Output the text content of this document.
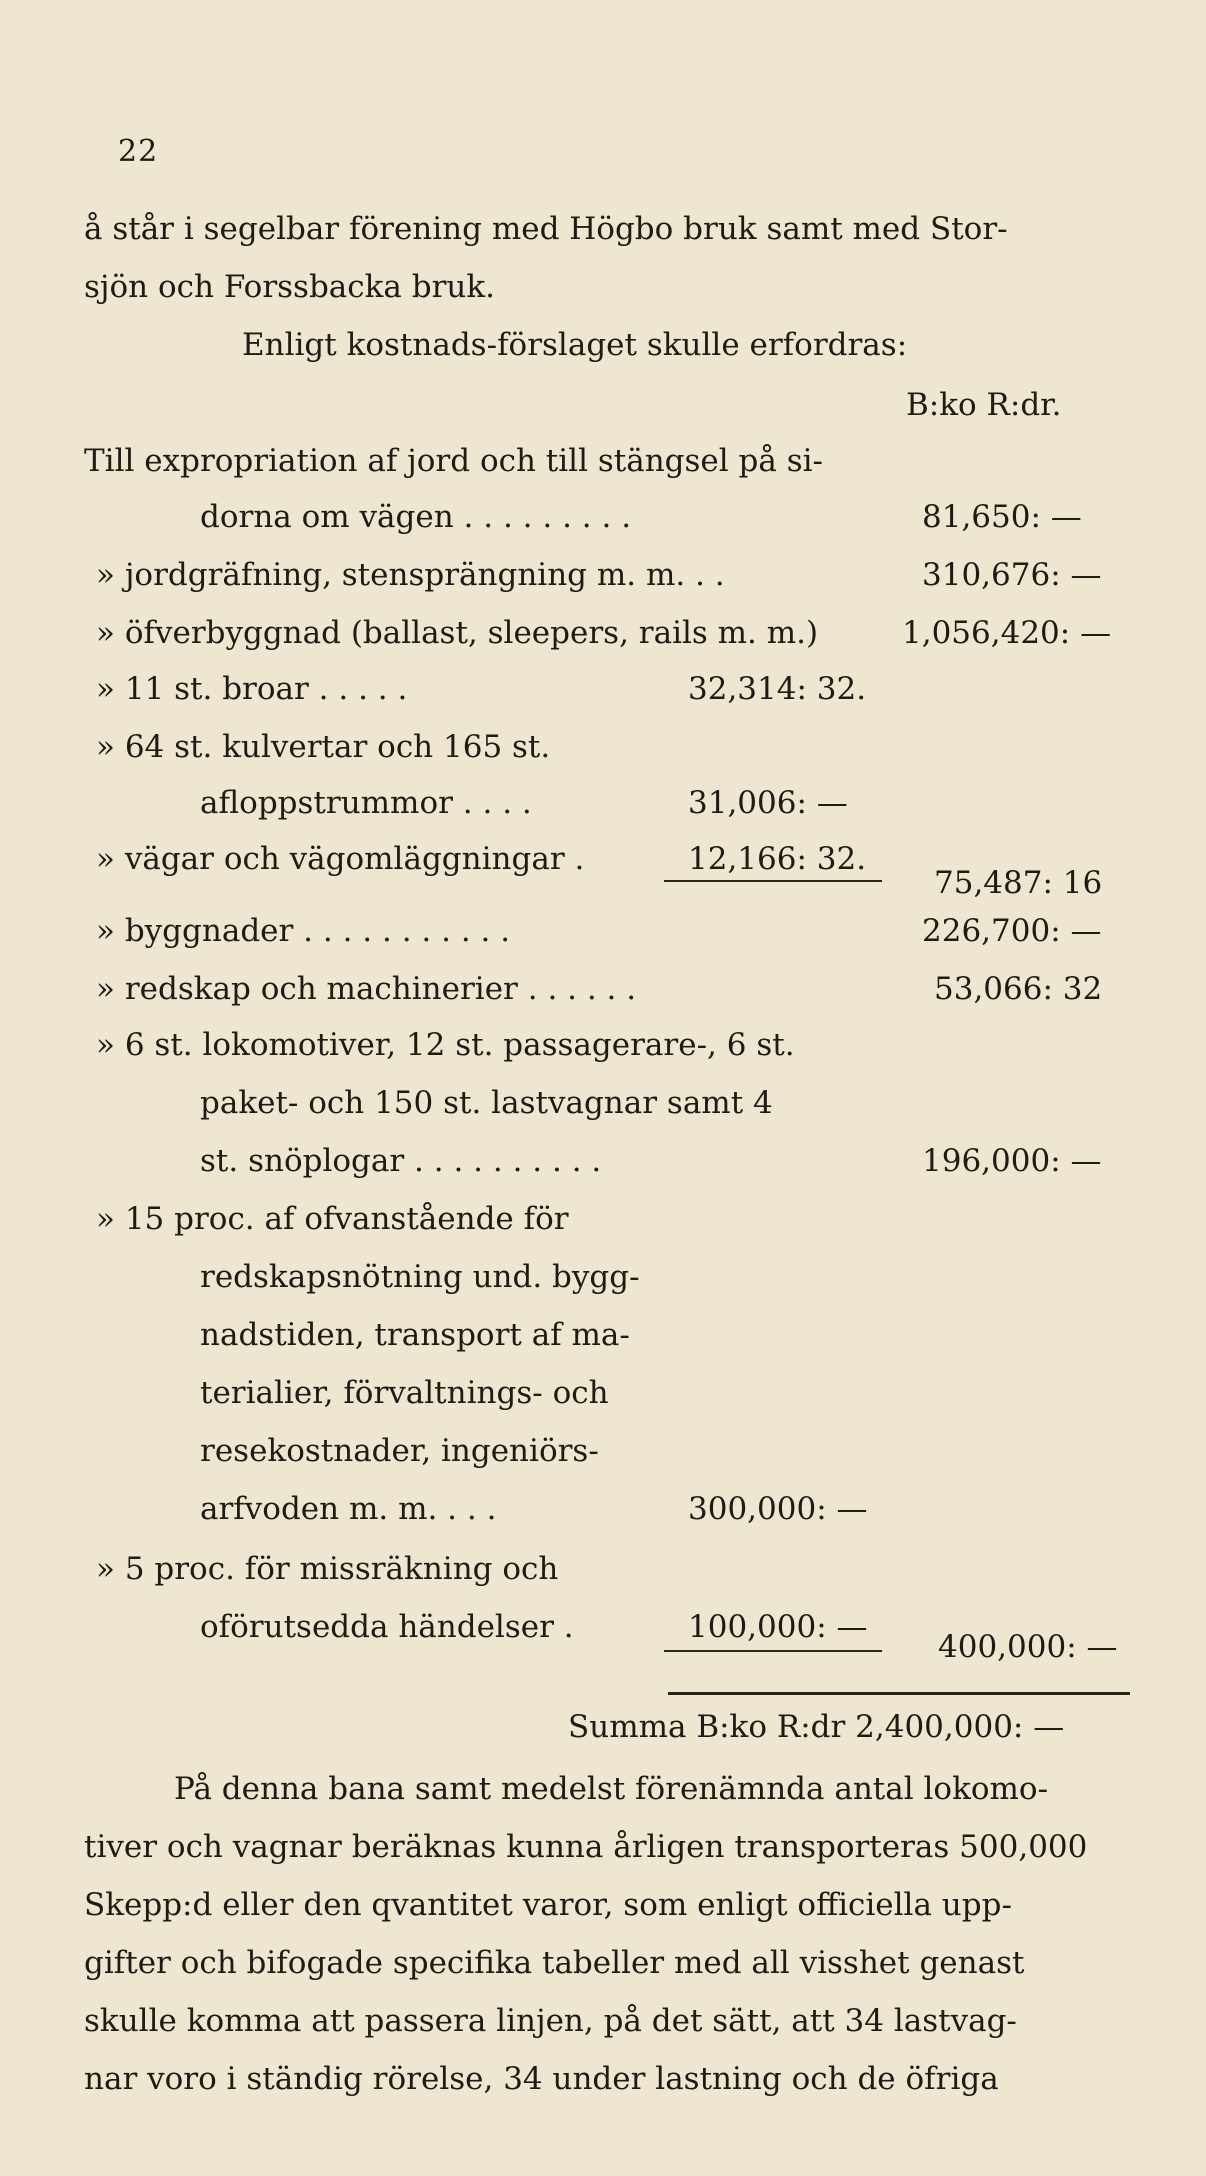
22
å står i segelbar förening med Högbo bruk samt med Stor-
sjön och Forssbacka bruk.
Enligt kostnads-förslaget skulle erfordras:
B:ko R:dr.
Till expropriation af jord och till stängsel på si-
dorna om vägen . . . . . . . . .	81,650: —
» jordgräfning, stensprängning m. m. . .	310,676: —
» öfverbyggnad (ballast, sleepers, rails m. m.)	1,056,420: —
» 11 st. broar . . . . .	32,314: 32.
» 64 st. kulvertar och 165 st.
afloppstrummor . . . .	31,006: —
» vägar och vägomläggningar .	12,166: 32.
75,487: 16
» byggnader . . . . . . . . . . .	226,700: —
» redskap och machinerier . . . . . .	53,066: 32
» 6 st. lokomotiver, 12 st. passagerare-, 6 st.
paket- och 150 st. lastvagnar samt 4
st. snöplogar . . . . . . . . . .	196,000: —
» 15 proc. af ofvanstående för
redskapsnötning und. bygg-
nadstiden, transport af ma-
terialier, förvaltnings- och
resekostnader, ingeniörs-
arfvoden m. m. . . .	300,000: —
» 5 proc. för missräkning och
oförutsedda händelser .	100,000: —
400,000: —
Summa B:ko R:dr 2,400,000: —
På denna bana samt medelst förenämnda antal lokomo-
tiver och vagnar beräknas kunna årligen transporteras 500,000
Skepp:d eller den qvantitet varor, som enligt officiella upp-
gifter och bifogade specifika tabeller med all visshet genast
skulle komma att passera linjen, på det sätt, att 34 lastvag-
nar voro i ständig rörelse, 34 under lastning och de öfriga
